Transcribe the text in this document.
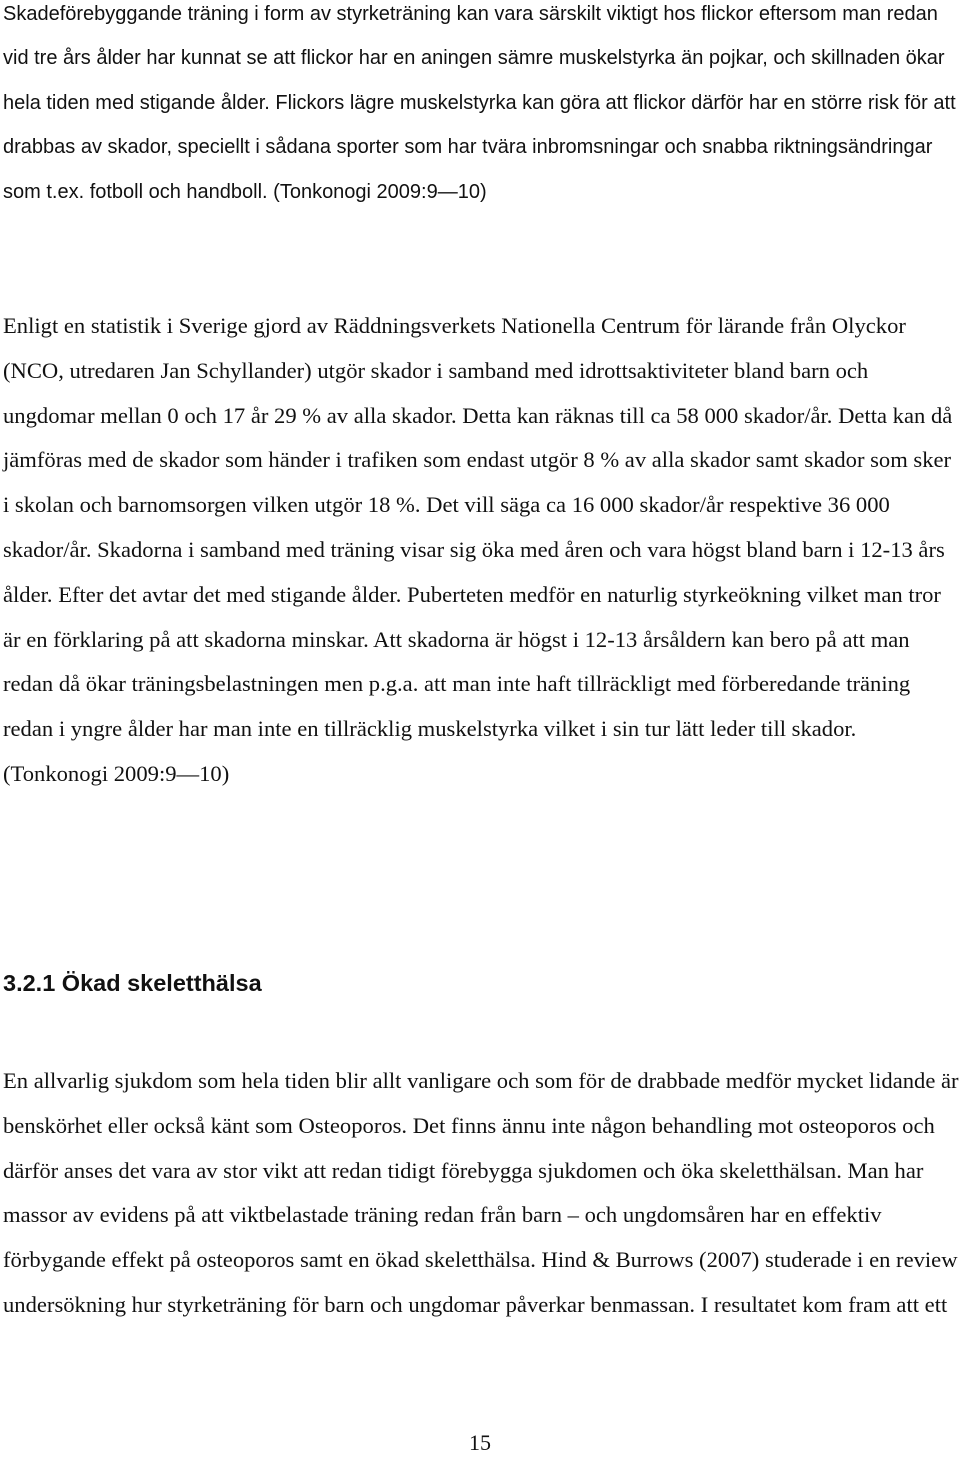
Skadeförebyggande träning i form av styrketräning kan vara särskilt viktigt hos flickor eftersom man redan vid tre års ålder har kunnat se att flickor har en aningen sämre muskelstyrka än pojkar, och skillnaden ökar hela tiden med stigande ålder. Flickors lägre muskelstyrka kan göra att flickor därför har en större risk för att drabbas av skador, speciellt i sådana sporter som har tvära inbromsningar och snabba riktningsändringar som t.ex. fotboll och handboll. (Tonkonogi 2009:9—10)

Enligt en statistik i Sverige gjord av Räddningsverkets Nationella Centrum för lärande från Olyckor (NCO, utredaren Jan Schyllander) utgör skador i samband med idrottsaktiviteter bland barn och ungdomar mellan 0 och 17 år 29 % av alla skador. Detta kan räknas till ca 58 000 skador/år. Detta kan då jämföras med de skador som händer i trafiken som endast utgör 8 % av alla skador samt skador som sker i skolan och barnomsorgen vilken utgör 18 %. Det vill säga ca 16 000 skador/år respektive 36 000 skador/år. Skadorna i samband med träning visar sig öka med åren och vara högst bland barn i 12-13 års ålder. Efter det avtar det med stigande ålder. Puberteten medför en naturlig styrkeökning vilket man tror är en förklaring på att skadorna minskar. Att skadorna är högst i 12-13 årsåldern kan bero på att man redan då ökar träningsbelastningen men p.g.a. att man inte haft tillräckligt med förberedande träning redan i yngre ålder har man inte en tillräcklig muskelstyrka vilket i sin tur lätt leder till skador. (Tonkonogi 2009:9—10)

3.2.1 Ökad skeletthälsa

En allvarlig sjukdom som hela tiden blir allt vanligare och som för de drabbade medför mycket lidande är benskörhet eller också känt som Osteoporos. Det finns ännu inte någon behandling mot osteoporos och därför anses det vara av stor vikt att redan tidigt förebygga sjukdomen och öka skeletthälsan. Man har massor av evidens på att viktbelastade träning redan från barn – och ungdomsåren har en effektiv förbygande effekt på osteoporos samt en ökad skeletthälsa. Hind & Burrows (2007) studerade i en review undersökning hur styrketräning för barn och ungdomar påverkar benmassan. I resultatet kom fram att ett

15
